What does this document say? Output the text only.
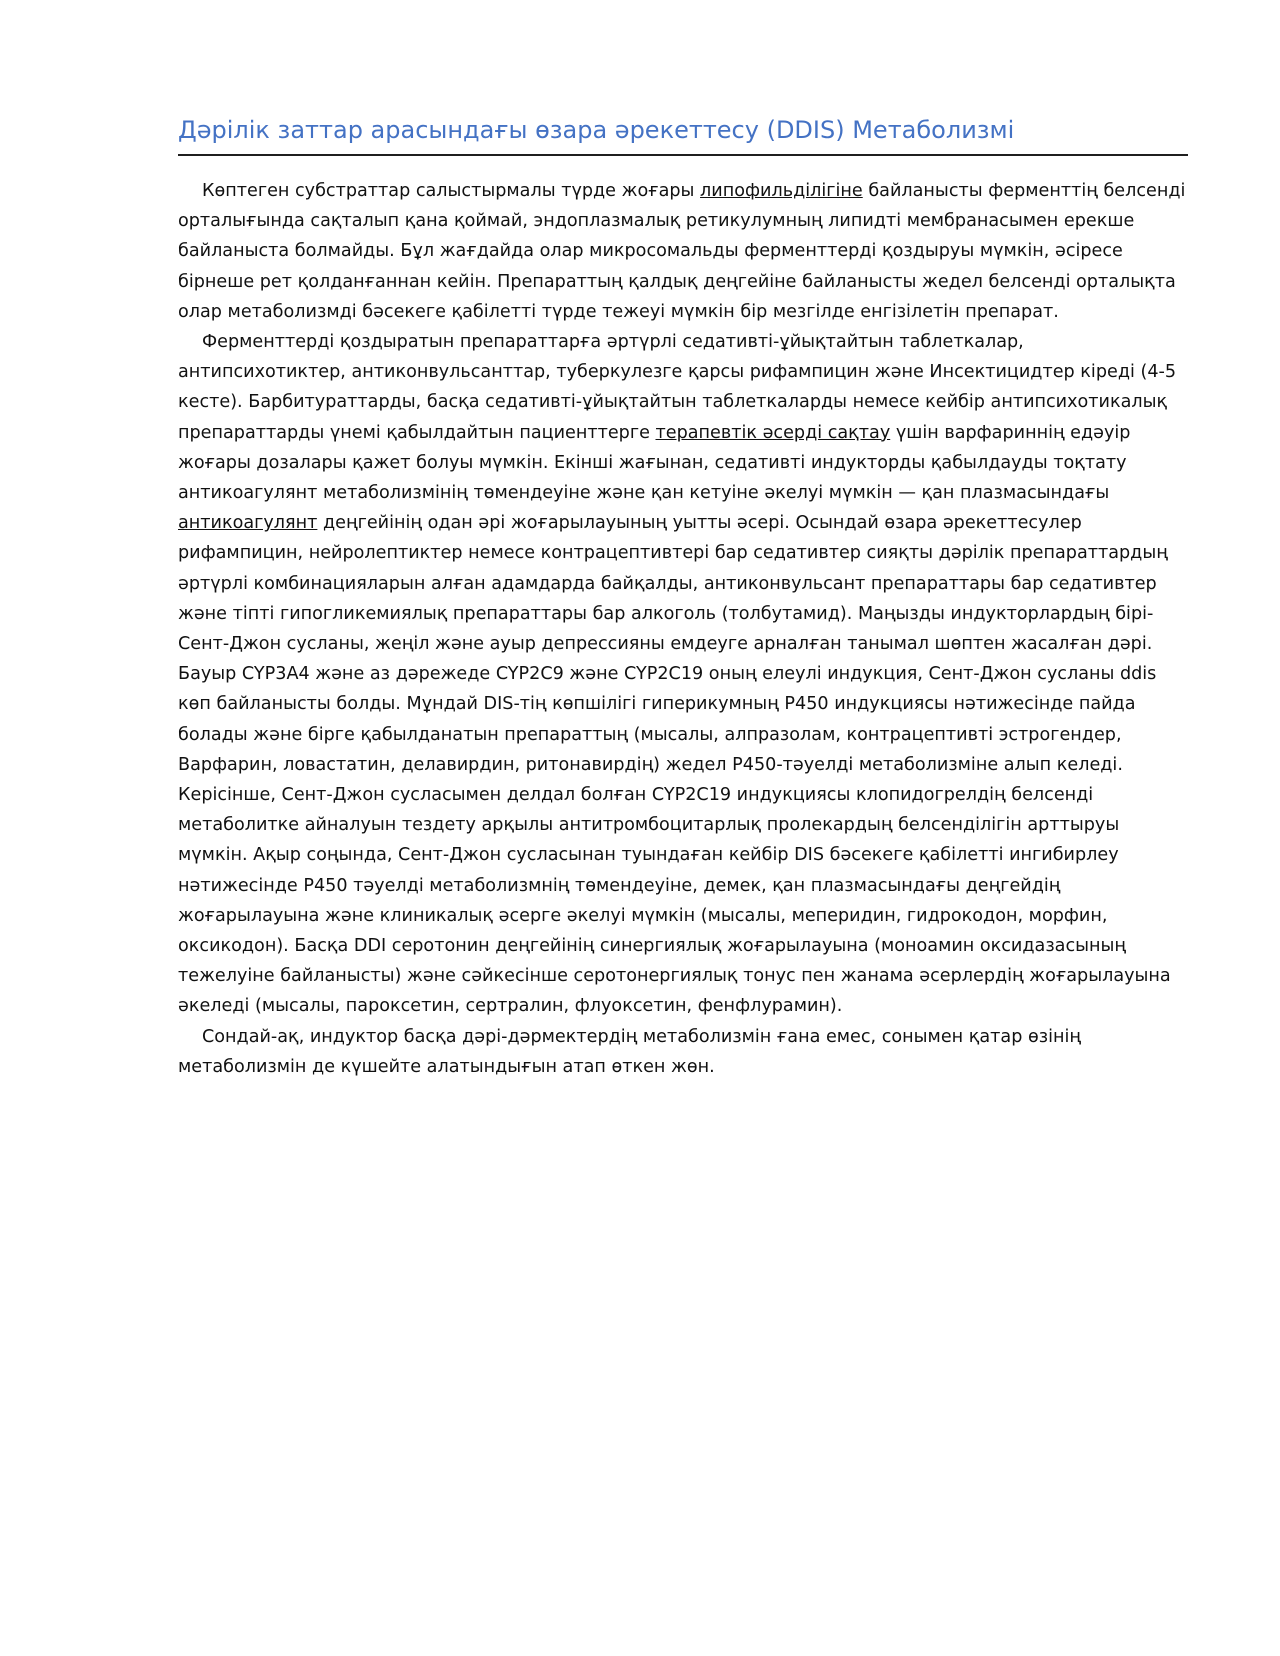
Дәрілік заттар арасындағы өзара әрекеттесу (DDIS) Метаболизмі

Көптеген субстраттар салыстырмалы түрде жоғары липофильділігіне байланысты ферменттің белсенді орталығында сақталып қана қоймай, эндоплазмалық ретикулумның липидті мембранасымен ерекше байланыста болмайды. Бұл жағдайда олар микросомальды ферменттерді қоздыруы мүмкін, әсіресе бірнеше рет қолданғаннан кейін. Препараттың қалдық деңгейіне байланысты жедел белсенді орталықта олар метаболизмді бәсекеге қабілетті түрде тежеуі мүмкін бір мезгілде енгізілетін препарат.

Ферменттерді қоздыратын препараттарға әртүрлі седативті-ұйықтайтын таблеткалар, антипсихотиктер, антиконвульсанттар, туберкулезге қарсы рифампицин және Инсектицидтер кіреді (4-5 кесте). Барбитураттарды, басқа седативті-ұйықтайтын таблеткаларды немесе кейбір антипсихотикалық препараттарды үнемі қабылдайтын пациенттерге терапевтік әсерді сақтау үшін варфариннің едәуір жоғары дозалары қажет болуы мүмкін. Екінші жағынан, седативті индукторды қабылдауды тоқтату антикоагулянт метаболизмінің төмендеуіне және қан кетуіне әкелуі мүмкін — қан плазмасындағы антикоагулянт деңгейінің одан әрі жоғарылауының уытты әсері. Осындай өзара әрекеттесулер рифампицин, нейролептиктер немесе контрацептивтері бар седативтер сияқты дәрілік препараттардың әртүрлі комбинацияларын алған адамдарда байқалды, антиконвульсант препараттары бар седативтер және тіпті гипогликемиялық препараттары бар алкоголь (толбутамид). Маңызды индукторлардың бірі-Сент-Джон сусланы, жеңіл және ауыр депрессияны емдеуге арналған танымал шөптен жасалған дәрі. Бауыр CYP3A4 және аз дәрежеде CYP2C9 және CYP2C19 оның елеулі индукция, Сент-Джон сусланы ddis көп байланысты болды. Мұндай DIS-тің көпшілігі гиперикумның P450 индукциясы нәтижесінде пайда болады және бірге қабылданатын препараттың (мысалы, алпразолам, контрацептивті эстрогендер, Варфарин, ловастатин, делавирдин, ритонавирдің) жедел P450-тәуелді метаболизміне алып келеді. Керісінше, Сент-Джон сусласымен делдал болған CYP2C19 индукциясы клопидогрелдің белсенді метаболитке айналуын тездету арқылы антитромбоцитарлық пролекардың белсенділігін арттыруы мүмкін. Ақыр соңында, Сент-Джон сусласынан туындаған кейбір DIS бәсекеге қабілетті ингибирлеу нәтижесінде P450 тәуелді метаболизмнің төмендеуіне, демек, қан плазмасындағы деңгейдің жоғарылауына және клиникалық әсерге әкелуі мүмкін (мысалы, меперидин, гидрокодон, морфин, оксикодон). Басқа DDI серотонин деңгейінің синергиялық жоғарылауына (моноамин оксидазасының тежелуіне байланысты) және сәйкесінше серотонергиялық тонус пен жанама әсерлердің жоғарылауына әкеледі (мысалы, пароксетин, сертралин, флуоксетин, фенфлурамин).

Сондай-ақ, индуктор басқа дәрі-дәрмектердің метаболизмін ғана емес, сонымен қатар өзінің метаболизмін де күшейте алатындығын атап өткен жөн.
